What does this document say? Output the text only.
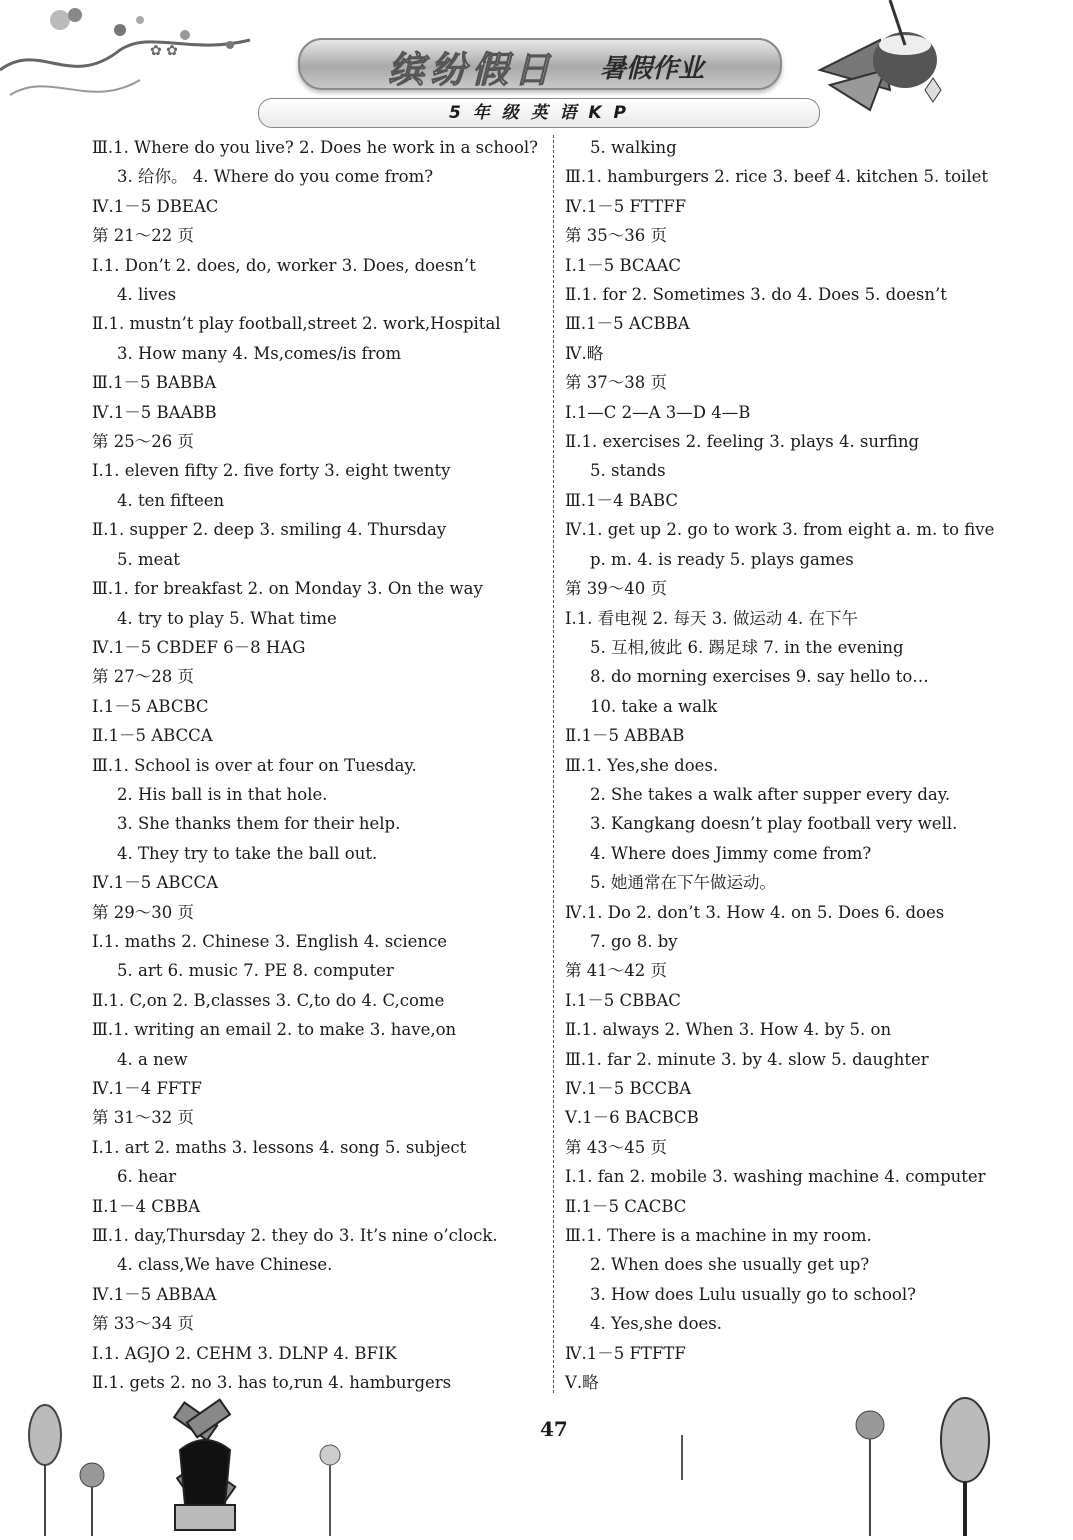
✿ ✿	缤纷假日 暑假作业
5 年 级 英 语 K P
Ⅲ.1. Where do you live? 2. Does he work in a school?
3. 给你。 4. Where do you come from?
Ⅳ.1－5 DBEAC
第 21～22 页
Ⅰ.1. Don’t 2. does, do, worker 3. Does, doesn’t
4. lives
Ⅱ.1. mustn’t play football,street 2. work,Hospital
3. How many 4. Ms,comes/is from
Ⅲ.1－5 BABBA
Ⅳ.1－5 BAABB
第 25～26 页
Ⅰ.1. eleven fifty 2. five forty 3. eight twenty
4. ten fifteen
Ⅱ.1. supper 2. deep 3. smiling 4. Thursday
5. meat
Ⅲ.1. for breakfast 2. on Monday 3. On the way
4. try to play 5. What time
Ⅳ.1－5 CBDEF 6－8 HAG
第 27～28 页
Ⅰ.1－5 ABCBC
Ⅱ.1－5 ABCCA
Ⅲ.1. School is over at four on Tuesday.
2. His ball is in that hole.
3. She thanks them for their help.
4. They try to take the ball out.
Ⅳ.1－5 ABCCA
第 29～30 页
Ⅰ.1. maths 2. Chinese 3. English 4. science
5. art 6. music 7. PE 8. computer
Ⅱ.1. C,on 2. B,classes 3. C,to do 4. C,come
Ⅲ.1. writing an email 2. to make 3. have,on
4. a new
Ⅳ.1－4 FFTF
第 31～32 页
Ⅰ.1. art 2. maths 3. lessons 4. song 5. subject
6. hear
Ⅱ.1－4 CBBA
Ⅲ.1. day,Thursday 2. they do 3. It’s nine o’clock.
4. class,We have Chinese.
Ⅳ.1－5 ABBAA
第 33～34 页
Ⅰ.1. AGJO 2. CEHM 3. DLNP 4. BFIK
Ⅱ.1. gets 2. no 3. has to,run 4. hamburgers
5. walking
Ⅲ.1. hamburgers 2. rice 3. beef 4. kitchen 5. toilet
Ⅳ.1－5 FTTFF
第 35～36 页
Ⅰ.1－5 BCAAC
Ⅱ.1. for 2. Sometimes 3. do 4. Does 5. doesn’t
Ⅲ.1－5 ACBBA
Ⅳ.略
第 37～38 页
Ⅰ.1—C 2—A 3—D 4—B
Ⅱ.1. exercises 2. feeling 3. plays 4. surfing
5. stands
Ⅲ.1－4 BABC
Ⅳ.1. get up 2. go to work 3. from eight a. m. to five
p. m. 4. is ready 5. plays games
第 39～40 页
Ⅰ.1. 看电视 2. 每天 3. 做运动 4. 在下午
5. 互相,彼此 6. 踢足球 7. in the evening
8. do morning exercises 9. say hello to…
10. take a walk
Ⅱ.1－5 ABBAB
Ⅲ.1. Yes,she does.
2. She takes a walk after supper every day.
3. Kangkang doesn’t play football very well.
4. Where does Jimmy come from?
5. 她通常在下午做运动。
Ⅳ.1. Do 2. don’t 3. How 4. on 5. Does 6. does
7. go 8. by
第 41～42 页
Ⅰ.1－5 CBBAC
Ⅱ.1. always 2. When 3. How 4. by 5. on
Ⅲ.1. far 2. minute 3. by 4. slow 5. daughter
Ⅳ.1－5 BCCBA
Ⅴ.1－6 BACBCB
第 43～45 页
Ⅰ.1. fan 2. mobile 3. washing machine 4. computer
Ⅱ.1－5 CACBC
Ⅲ.1. There is a machine in my room.
2. When does she usually get up?
3. How does Lulu usually go to school?
4. Yes,she does.
Ⅳ.1－5 FTFTF
Ⅴ.略
47
